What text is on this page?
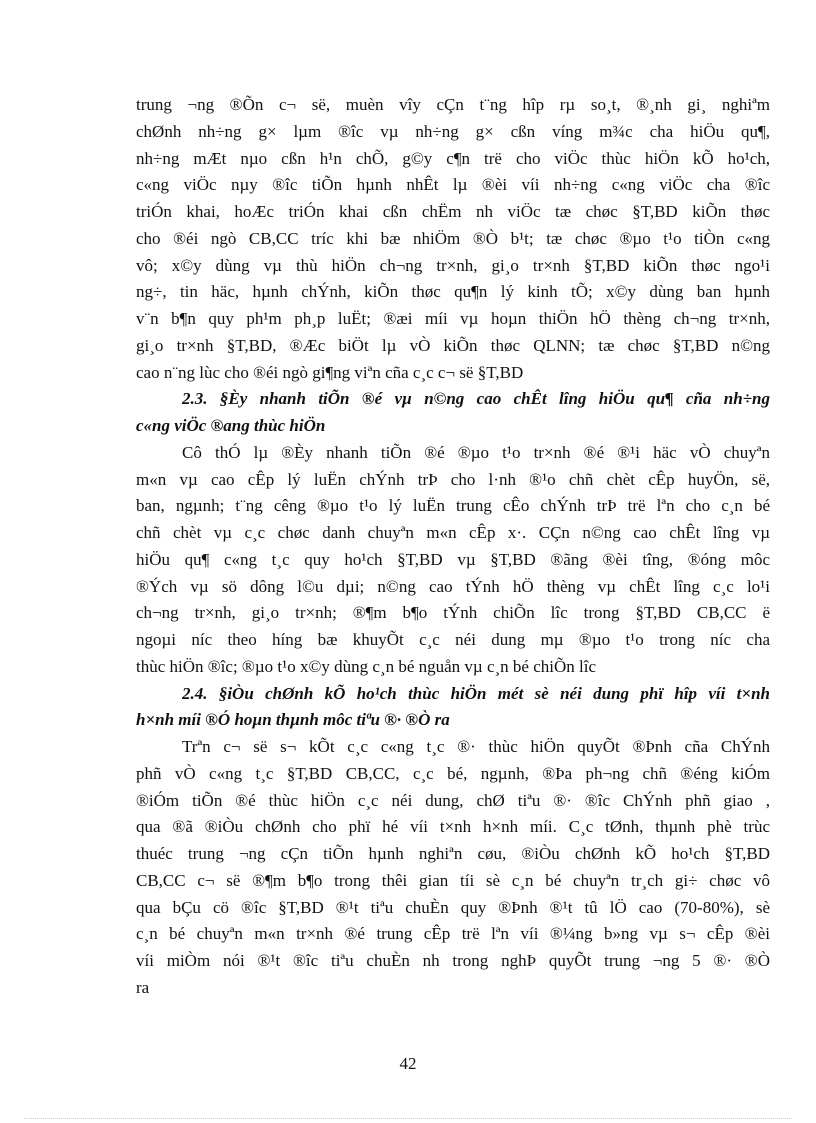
trung ¬ng ®Õn c¬ së, muèn vîy cÇn t¨ng hîp rµ so¸t, ®¸nh gi¸ nghiªm
chØnh nh÷ng g× lµm ®îc vµ nh÷ng g× cßn víng m¾c cha hiÖu qu¶,
nh÷ng mÆt nµo cßn h¹n chÕ, g©y c¶n trë cho viÖc thùc hiÖn kÕ ho¹ch,
c«ng viÖc nµy ®îc tiÕn hµnh nhÊt lµ ®èi víi nh÷ng c«ng viÖc cha ®îc
triÓn khai, hoÆc triÓn khai cßn chËm nh viÖc tæ chøc §T,BD kiÕn thøc
cho ®éi ngò CB,CC tríc khi bæ nhiÖm ®Ò b¹t; tæ chøc ®µo t¹o tiÒn c«ng
vô; x©y dùng vµ thù hiÖn ch¬ng tr×nh, gi¸o tr×nh §T,BD kiÕn thøc ngo¹i
ng÷, tin häc, hµnh chÝnh, kiÕn thøc qu¶n lý kinh tÕ; x©y dùng ban hµnh
v¨n b¶n quy ph¹m ph¸p luËt; ®æi míi vµ hoµn thiÖn hÖ thèng ch¬ng tr×nh,
gi¸o tr×nh §T,BD, ®Æc biÖt lµ vÒ kiÕn thøc QLNN; tæ chøc §T,BD n©ng
cao n¨ng lùc cho ®éi ngò gi¶ng viªn cña c¸c c¬ së §T,BD
2.3. §Èy nhanh tiÕn ®é vµ n©ng cao chÊt lîng hiÖu qu¶ cña nh÷ng
c«ng viÖc ®ang thùc hiÖn
Cô thÓ lµ ®Èy nhanh tiÕn ®é ®µo t¹o tr×nh ®é ®¹i häc vÒ chuyªn
m«n vµ cao cÊp lý luËn chÝnh trÞ cho l·nh ®¹o chñ chèt cÊp huyÖn, së,
ban, ngµnh; t¨ng cêng ®µo t¹o lý luËn trung cÊo chÝnh trÞ trë lªn cho c¸n bé
chñ chèt vµ c¸c chøc danh chuyªn m«n cÊp x·. CÇn n©ng cao chÊt lîng vµ
hiÖu qu¶ c«ng t¸c quy ho¹ch §T,BD vµ §T,BD ®ãng ®èi tîng, ®óng môc
®Ých vµ sö dông l©u dµi; n©ng cao tÝnh hÖ thèng vµ chÊt lîng c¸c lo¹i
ch¬ng tr×nh, gi¸o tr×nh; ®¶m b¶o tÝnh chiÕn lîc trong §T,BD CB,CC ë
ngoµi níc theo híng bæ khuyÕt c¸c néi dung mµ ®µo t¹o trong níc cha
thùc hiÖn ®îc; ®µo t¹o x©y dùng c¸n bé nguån vµ c¸n bé chiÕn lîc
2.4. §iÒu chØnh kÕ ho¹ch thùc hiÖn mét sè néi dung phï hîp víi t×nh
h×nh míi ®Ó hoµn thµnh môc tiªu ®· ®Ò ra
Trªn c¬ së s¬ kÕt c¸c c«ng t¸c ®· thùc hiÖn quyÕt ®Þnh cña ChÝnh
phñ vÒ c«ng t¸c §T,BD CB,CC, c¸c bé, ngµnh, ®Þa ph¬ng chñ ®éng kiÓm
®iÓm tiÕn ®é thùc hiÖn c¸c néi dung, chØ tiªu ®· ®îc ChÝnh phñ giao ,
qua ®ã ®iÒu chØnh cho phï hé víi t×nh h×nh míi. C¸c tØnh, thµnh phè trùc
thuéc trung ¬ng cÇn tiÕn hµnh nghiªn cøu, ®iÒu chØnh kÕ ho¹ch §T,BD
CB,CC c¬ së ®¶m b¶o trong thêi gian tíi sè c¸n bé chuyªn tr¸ch gi÷ chøc vô
qua bÇu cö ®îc §T,BD ®¹t tiªu chuÈn quy ®Þnh ®¹t tû lÖ cao (70-80%), sè
c¸n bé chuyªn m«n tr×nh ®é trung cÊp trë lªn víi ®¼ng b»ng vµ s¬ cÊp ®èi
víi miÒm nói ®¹t ®îc tiªu chuÈn nh trong nghÞ quyÕt trung ¬ng 5 ®· ®Ò
ra
42
